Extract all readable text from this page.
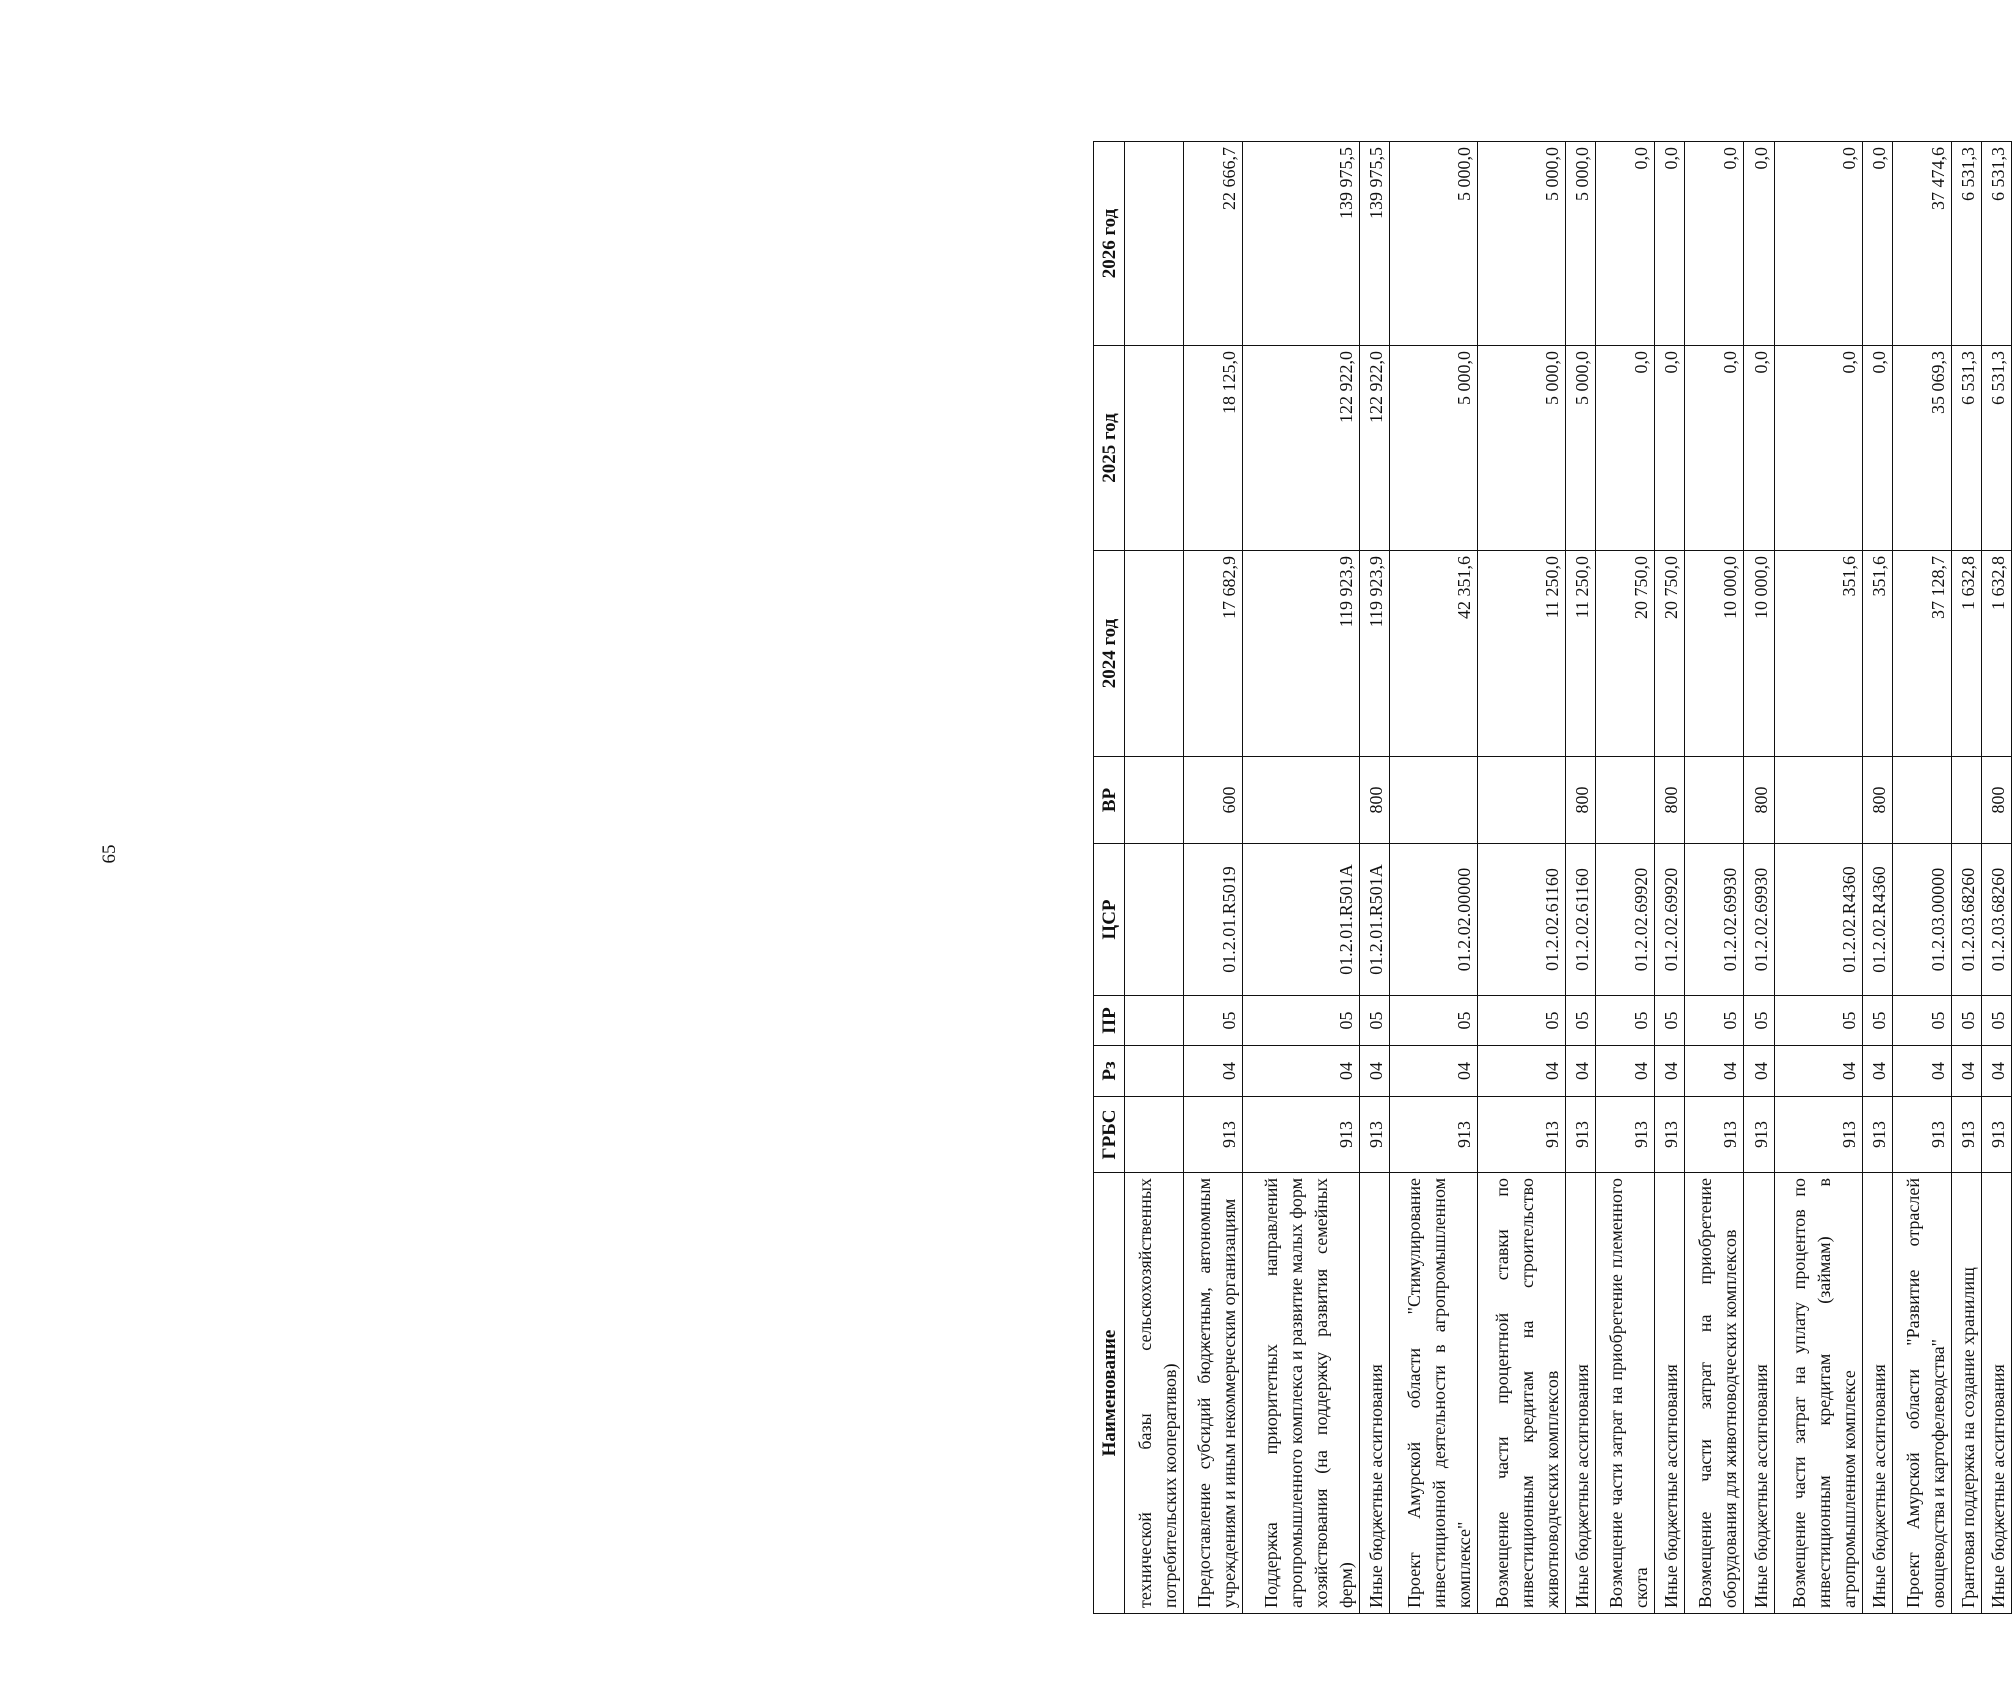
65
Наименование	ГРБС	Рз	ПР	ЦСР	ВР	2024 год	2025 год	2026 год
технической базы сельскохозяйственных потребительских кооперативов)								
Предоставление субсидий бюджетным, автономным учреждениям и иным некоммерческим организациям	913	04	05	01.2.01.R5019	600	17 682,9	18 125,0	22 666,7
Поддержка приоритетных направлений агропромышленного комплекса и развитие малых форм хозяйствования (на поддержку развития семейных ферм)	913	04	05	01.2.01.R501A		119 923,9	122 922,0	139 975,5
Иные бюджетные ассигнования	913	04	05	01.2.01.R501A	800	119 923,9	122 922,0	139 975,5
Проект Амурской области "Стимулирование инвестиционной деятельности в агропромышленном комплексе"	913	04	05	01.2.02.00000		42 351,6	5 000,0	5 000,0
Возмещение части процентной ставки по инвестиционным кредитам на строительство животноводческих комплексов	913	04	05	01.2.02.61160		11 250,0	5 000,0	5 000,0
Иные бюджетные ассигнования	913	04	05	01.2.02.61160	800	11 250,0	5 000,0	5 000,0
Возмещение части затрат на приобретение племенного скота	913	04	05	01.2.02.69920		20 750,0	0,0	0,0
Иные бюджетные ассигнования	913	04	05	01.2.02.69920	800	20 750,0	0,0	0,0
Возмещение части затрат на приобретение оборудования для животноводческих комплексов	913	04	05	01.2.02.69930		10 000,0	0,0	0,0
Иные бюджетные ассигнования	913	04	05	01.2.02.69930	800	10 000,0	0,0	0,0
Возмещение части затрат на уплату процентов по инвестиционным кредитам (займам) в агропромышленном комплексе	913	04	05	01.2.02.R4360		351,6	0,0	0,0
Иные бюджетные ассигнования	913	04	05	01.2.02.R4360	800	351,6	0,0	0,0
Проект Амурской области "Развитие отраслей овощеводства и картофелеводства"	913	04	05	01.2.03.00000		37 128,7	35 069,3	37 474,6
Грантовая поддержка на создание хранилищ	913	04	05	01.2.03.68260		1 632,8	6 531,3	6 531,3
Иные бюджетные ассигнования	913	04	05	01.2.03.68260	800	1 632,8	6 531,3	6 531,3
